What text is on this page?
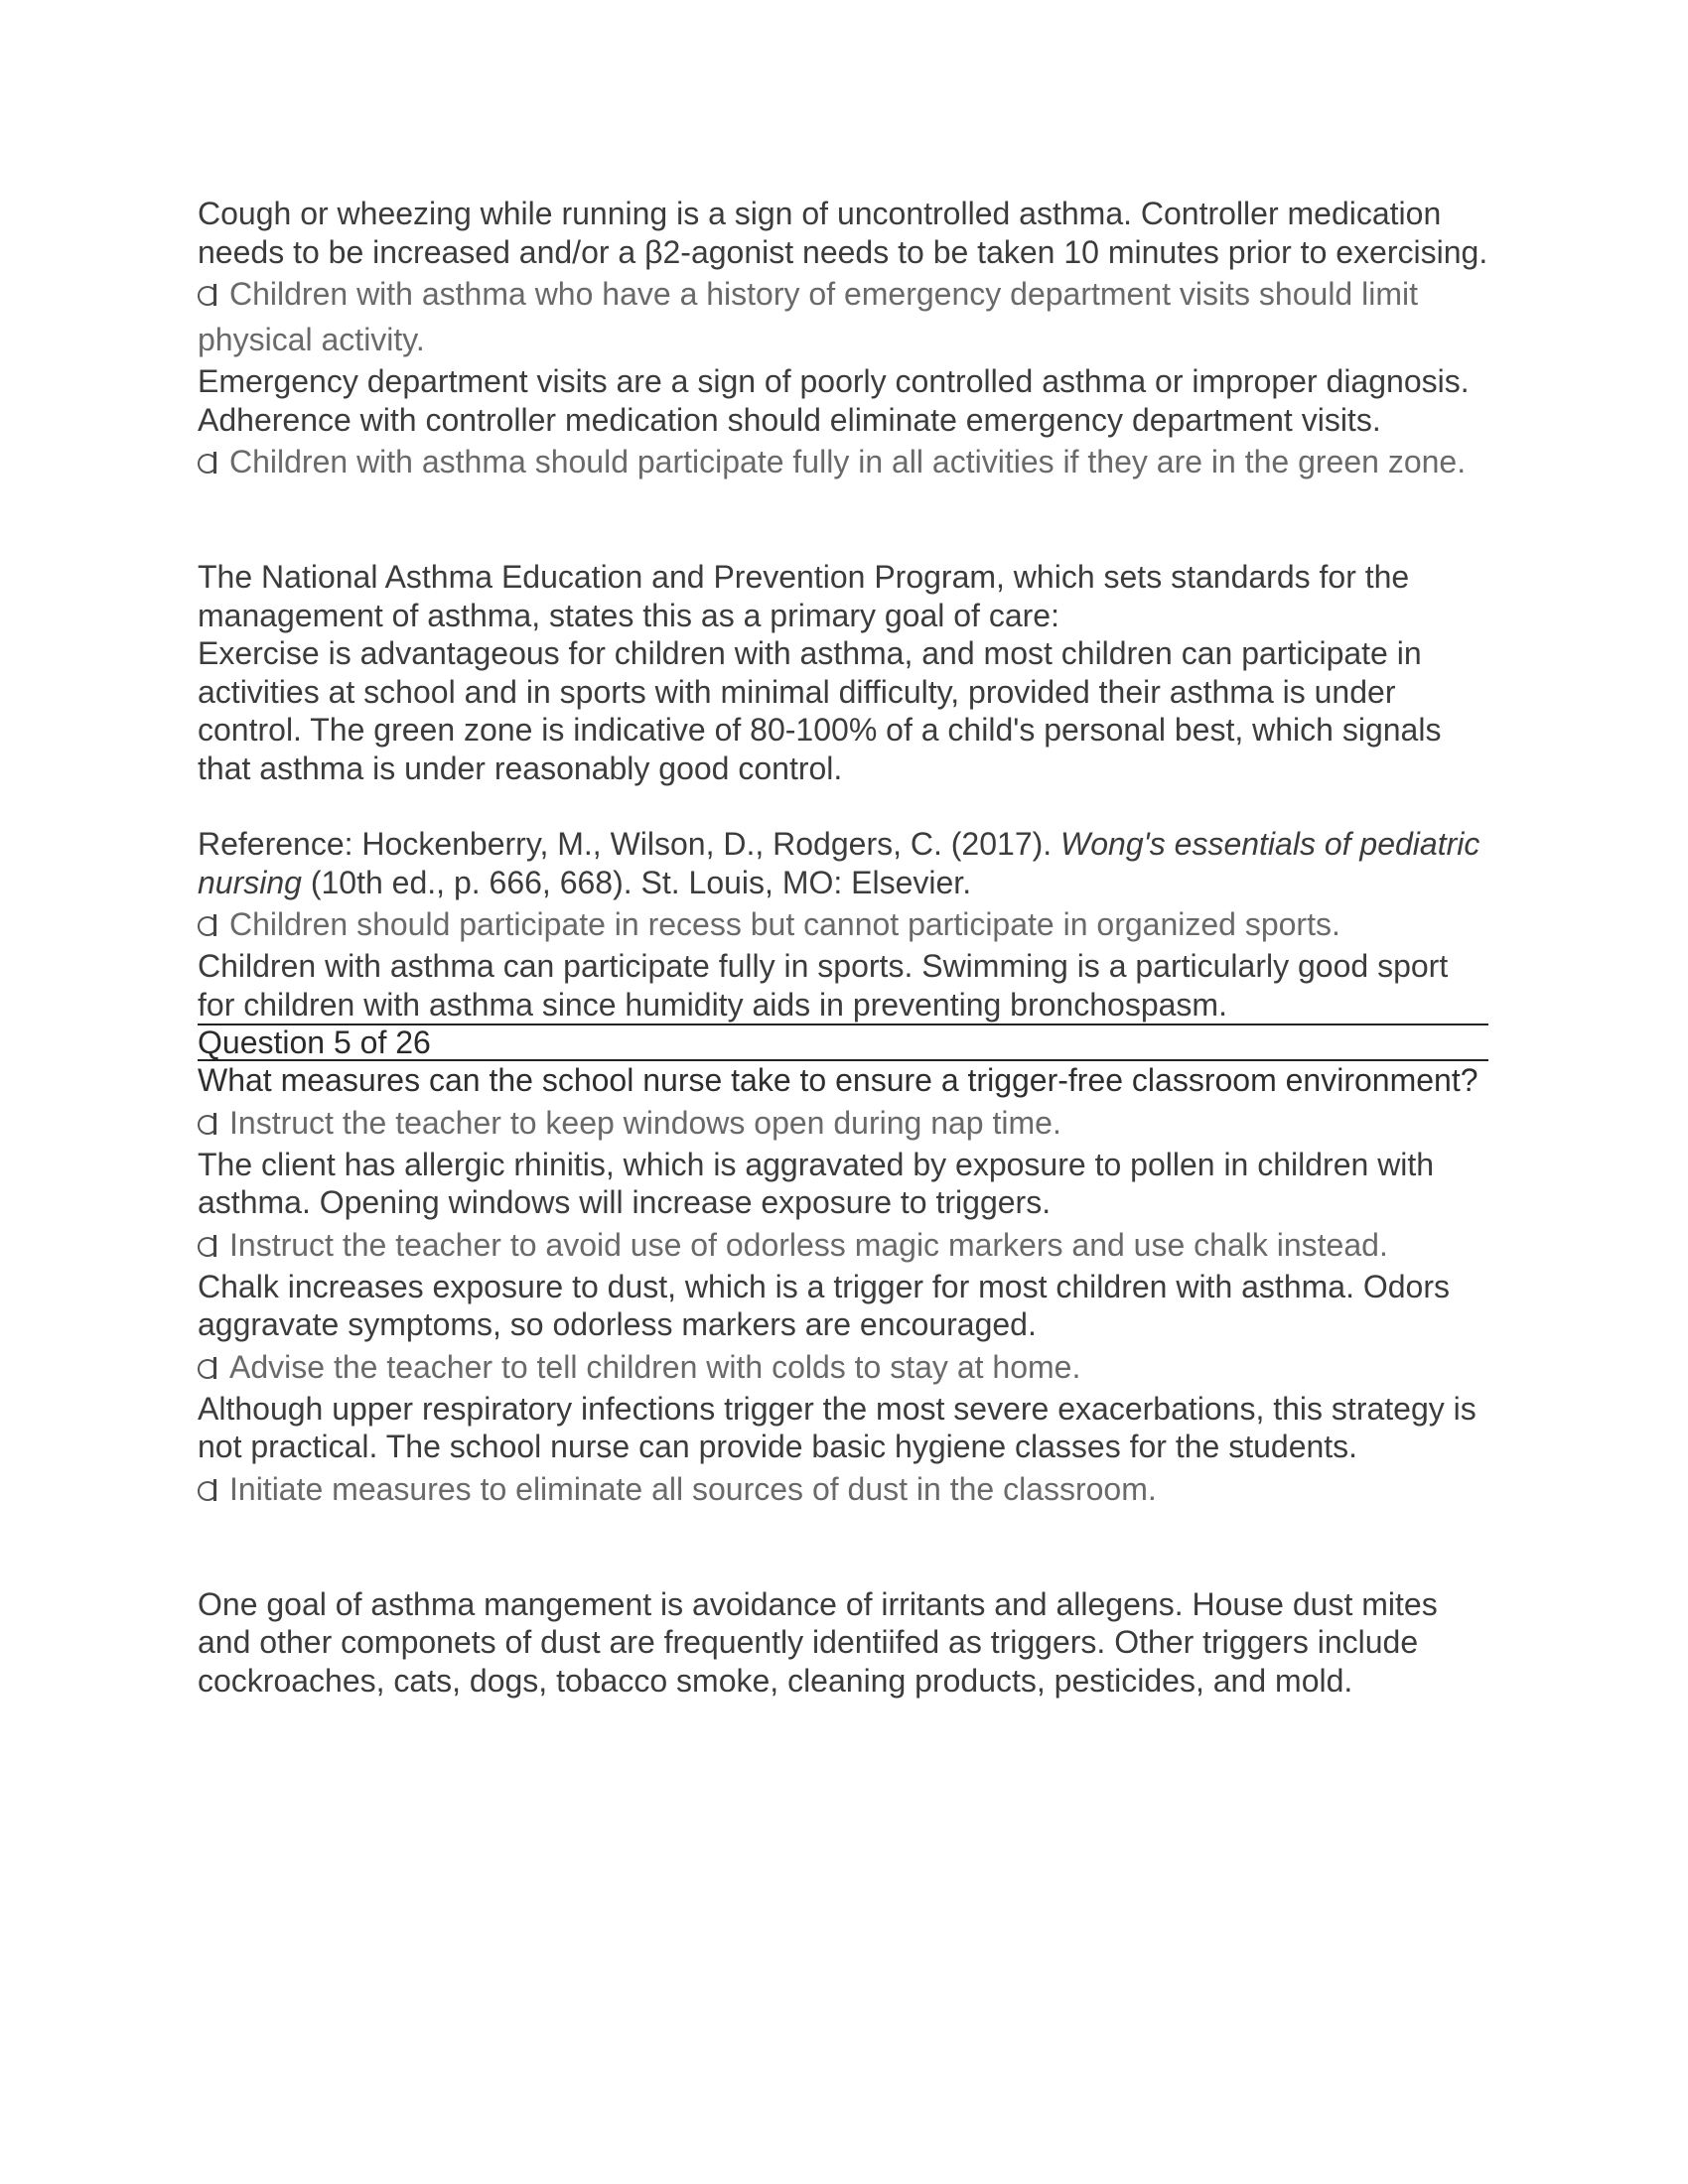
Cough or wheezing while running is a sign of uncontrolled asthma. Controller medication needs to be increased and/or a β2-agonist needs to be taken 10 minutes prior to exercising.

Children with asthma who have a history of emergency department visits should limit physical activity.

Emergency department visits are a sign of poorly controlled asthma or improper diagnosis. Adherence with controller medication should eliminate emergency department visits.

Children with asthma should participate fully in all activities if they are in the green zone.

The National Asthma Education and Prevention Program, which sets standards for the management of asthma, states this as a primary goal of care:

Exercise is advantageous for children with asthma, and most children can participate in activities at school and in sports with minimal difficulty, provided their asthma is under control. The green zone is indicative of 80-100% of a child's personal best, which signals that asthma is under reasonably good control.

Reference: Hockenberry, M., Wilson, D., Rodgers, C. (2017). Wong's essentials of pediatric nursing (10th ed., p. 666, 668). St. Louis, MO: Elsevier.

Children should participate in recess but cannot participate in organized sports.

Children with asthma can participate fully in sports. Swimming is a particularly good sport for children with asthma since humidity aids in preventing bronchospasm.

Question 5 of 26

What measures can the school nurse take to ensure a trigger-free classroom environment?

Instruct the teacher to keep windows open during nap time.

The client has allergic rhinitis, which is aggravated by exposure to pollen in children with asthma. Opening windows will increase exposure to triggers.

Instruct the teacher to avoid use of odorless magic markers and use chalk instead.

Chalk increases exposure to dust, which is a trigger for most children with asthma. Odors aggravate symptoms, so odorless markers are encouraged.

Advise the teacher to tell children with colds to stay at home.

Although upper respiratory infections trigger the most severe exacerbations, this strategy is not practical. The school nurse can provide basic hygiene classes for the students.

Initiate measures to eliminate all sources of dust in the classroom.

One goal of asthma mangement is avoidance of irritants and allegens. House dust mites and other componets of dust are frequently identiifed as triggers. Other triggers include cockroaches, cats, dogs, tobacco smoke, cleaning products, pesticides, and mold.
